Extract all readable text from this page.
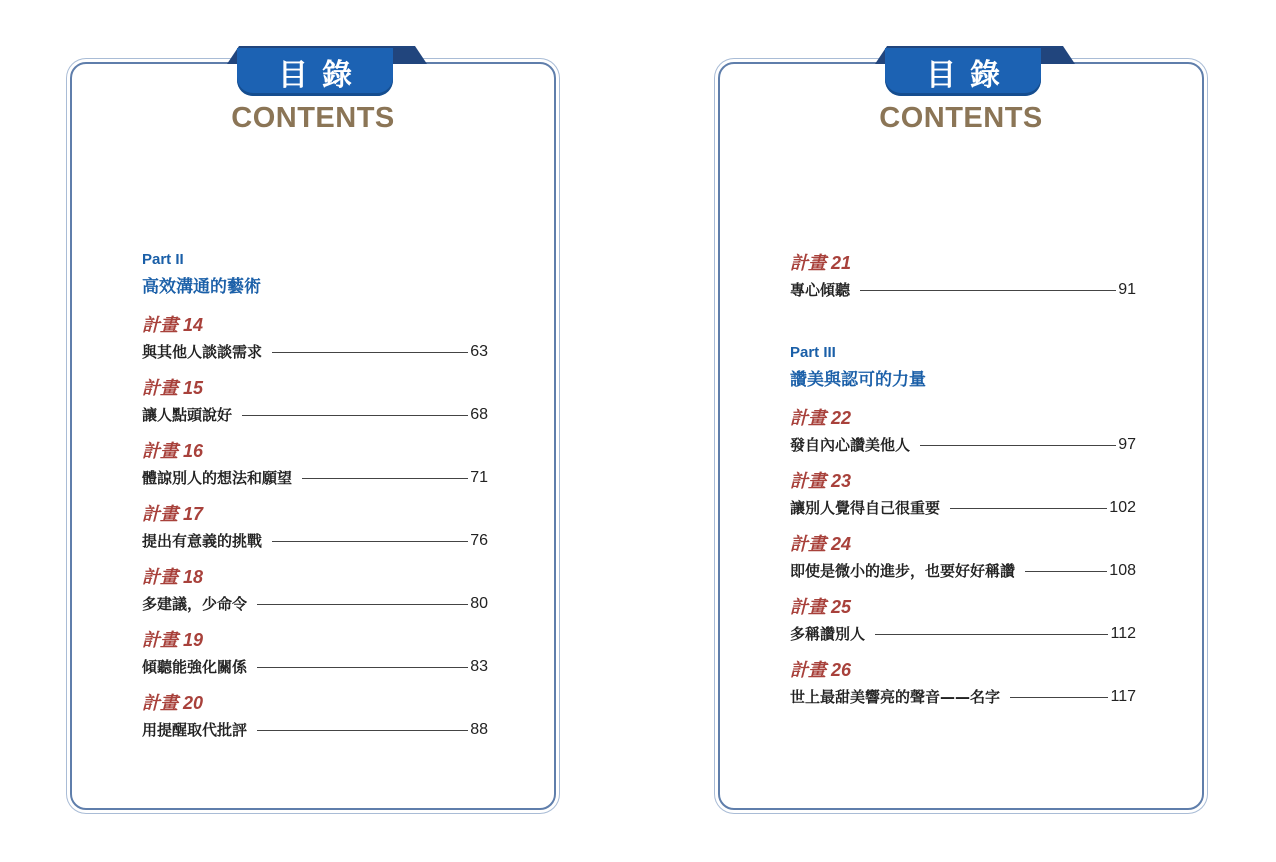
目錄
CONTENTS
Part II
高效溝通的藝術
計畫 14
與其他人談談需求	63
計畫 15
讓人點頭說好	68
計畫 16
體諒別人的想法和願望	71
計畫 17
提出有意義的挑戰	76
計畫 18
多建議，少命令	80
計畫 19
傾聽能強化關係	83
計畫 20
用提醒取代批評	88
目錄
CONTENTS
計畫 21
專心傾聽	91
Part III
讚美與認可的力量
計畫 22
發自內心讚美他人	97
計畫 23
讓別人覺得自己很重要	102
計畫 24
即使是微小的進步，也要好好稱讚	108
計畫 25
多稱讚別人	112
計畫 26
世上最甜美響亮的聲音——名字	117
